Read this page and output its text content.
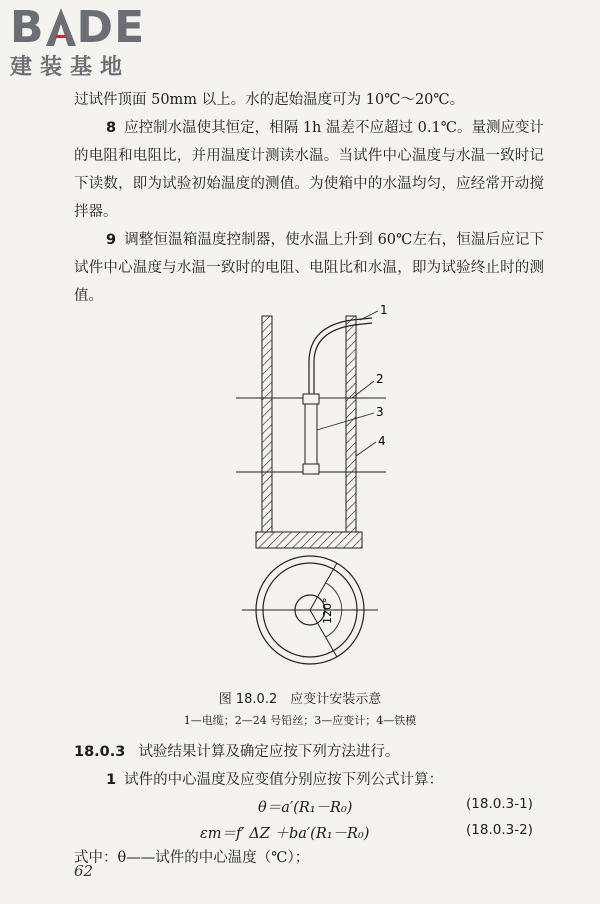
B D E
建装基地
过试件顶面 50mm 以上。水的起始温度可为 10℃～20℃。
8 应控制水温使其恒定，相隔 1h 温差不应超过 0.1℃。量测应变计的电阻和电阻比，并用温度计测读水温。当试件中心温度与水温一致时记下读数，即为试验初始温度的测值。为使箱中的水温均匀，应经常开动搅拌器。
9 调整恒温箱温度控制器，使水温上升到 60℃左右，恒温后应记下试件中心温度与水温一致时的电阻、电阻比和水温，即为试验终止时的测值。
1
2
3
4
120°
图 18.0.2　应变计安装示意
1—电缆；2—24 号铅丝；3—应变计；4—铁模
18.0.3 试验结果计算及确定应按下列方法进行。
1 试件的中心温度及应变值分别应按下列公式计算：
θ＝a′(R₁－R₀)	(18.0.3-1)
εm＝f′ ΔZ ＋ba′(R₁－R₀)	(18.0.3-2)
式中：θ——试件的中心温度（℃）；
62
